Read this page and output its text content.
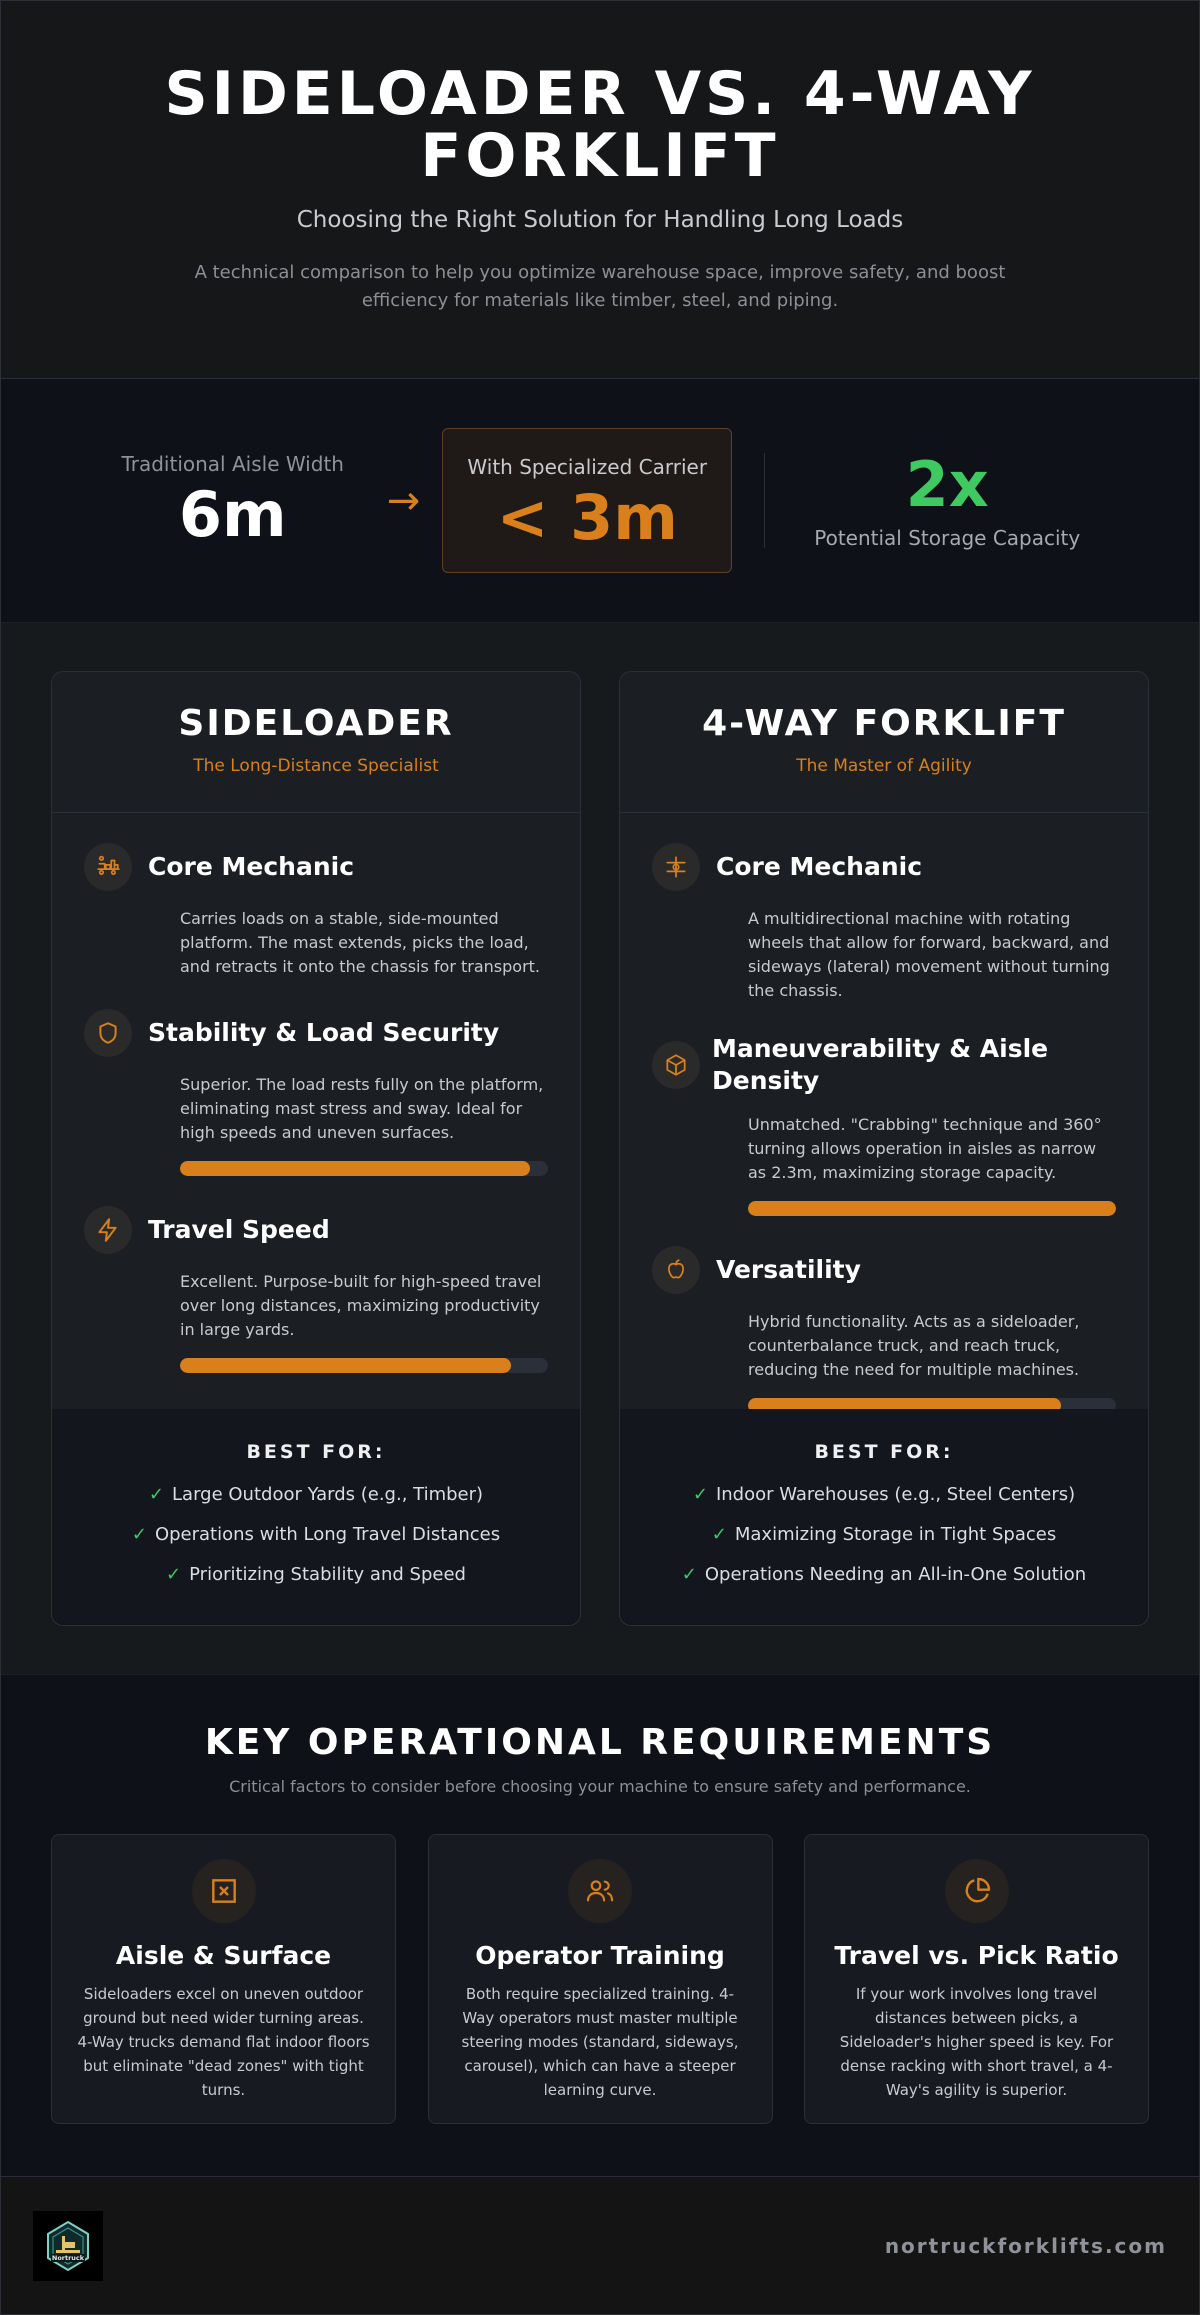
SIDELOADER VS. 4-WAY FORKLIFT
Choosing the Right Solution for Handling Long Loads
A technical comparison to help you optimize warehouse space, improve safety, and boost efficiency for materials like timber, steel, and piping.
Traditional Aisle Width
6m	→
With Specialized Carrier
< 3m	2x
Potential Storage Capacity
SIDELOADER
The Long-Distance Specialist
Core Mechanic
Carries loads on a stable, side-mounted platform. The mast extends, picks the load, and retracts it onto the chassis for transport.
Stability & Load Security
Superior. The load rests fully on the platform, eliminating mast stress and sway. Ideal for high speeds and uneven surfaces.
Travel Speed
Excellent. Purpose-built for high-speed travel over long distances, maximizing productivity in large yards.
BEST FOR:
✓ Large Outdoor Yards (e.g., Timber)
✓ Operations with Long Travel Distances
✓ Prioritizing Stability and Speed
4-WAY FORKLIFT
The Master of Agility
Core Mechanic
A multidirectional machine with rotating wheels that allow for forward, backward, and sideways (lateral) movement without turning the chassis.
Maneuverability & Aisle Density
Unmatched. "Crabbing" technique and 360° turning allows operation in aisles as narrow as 2.3m, maximizing storage capacity.
Versatility
Hybrid functionality. Acts as a sideloader, counterbalance truck, and reach truck, reducing the need for multiple machines.
BEST FOR:
✓ Indoor Warehouses (e.g., Steel Centers)
✓ Maximizing Storage in Tight Spaces
✓ Operations Needing an All-in-One Solution
KEY OPERATIONAL REQUIREMENTS
Critical factors to consider before choosing your machine to ensure safety and performance.
Aisle & Surface

Sideloaders excel on uneven outdoor ground but need wider turning areas. 4-Way trucks demand flat indoor floors but eliminate "dead zones" with tight turns.

Operator Training

Both require specialized training. 4-Way operators must master multiple steering modes (standard, sideways, carousel), which can have a steeper learning curve.

Travel vs. Pick Ratio

If your work involves long travel distances between picks, a Sideloader's higher speed is key. For dense racking with short travel, a 4-Way's agility is superior.

Nortruck	nortruckforklifts.com
